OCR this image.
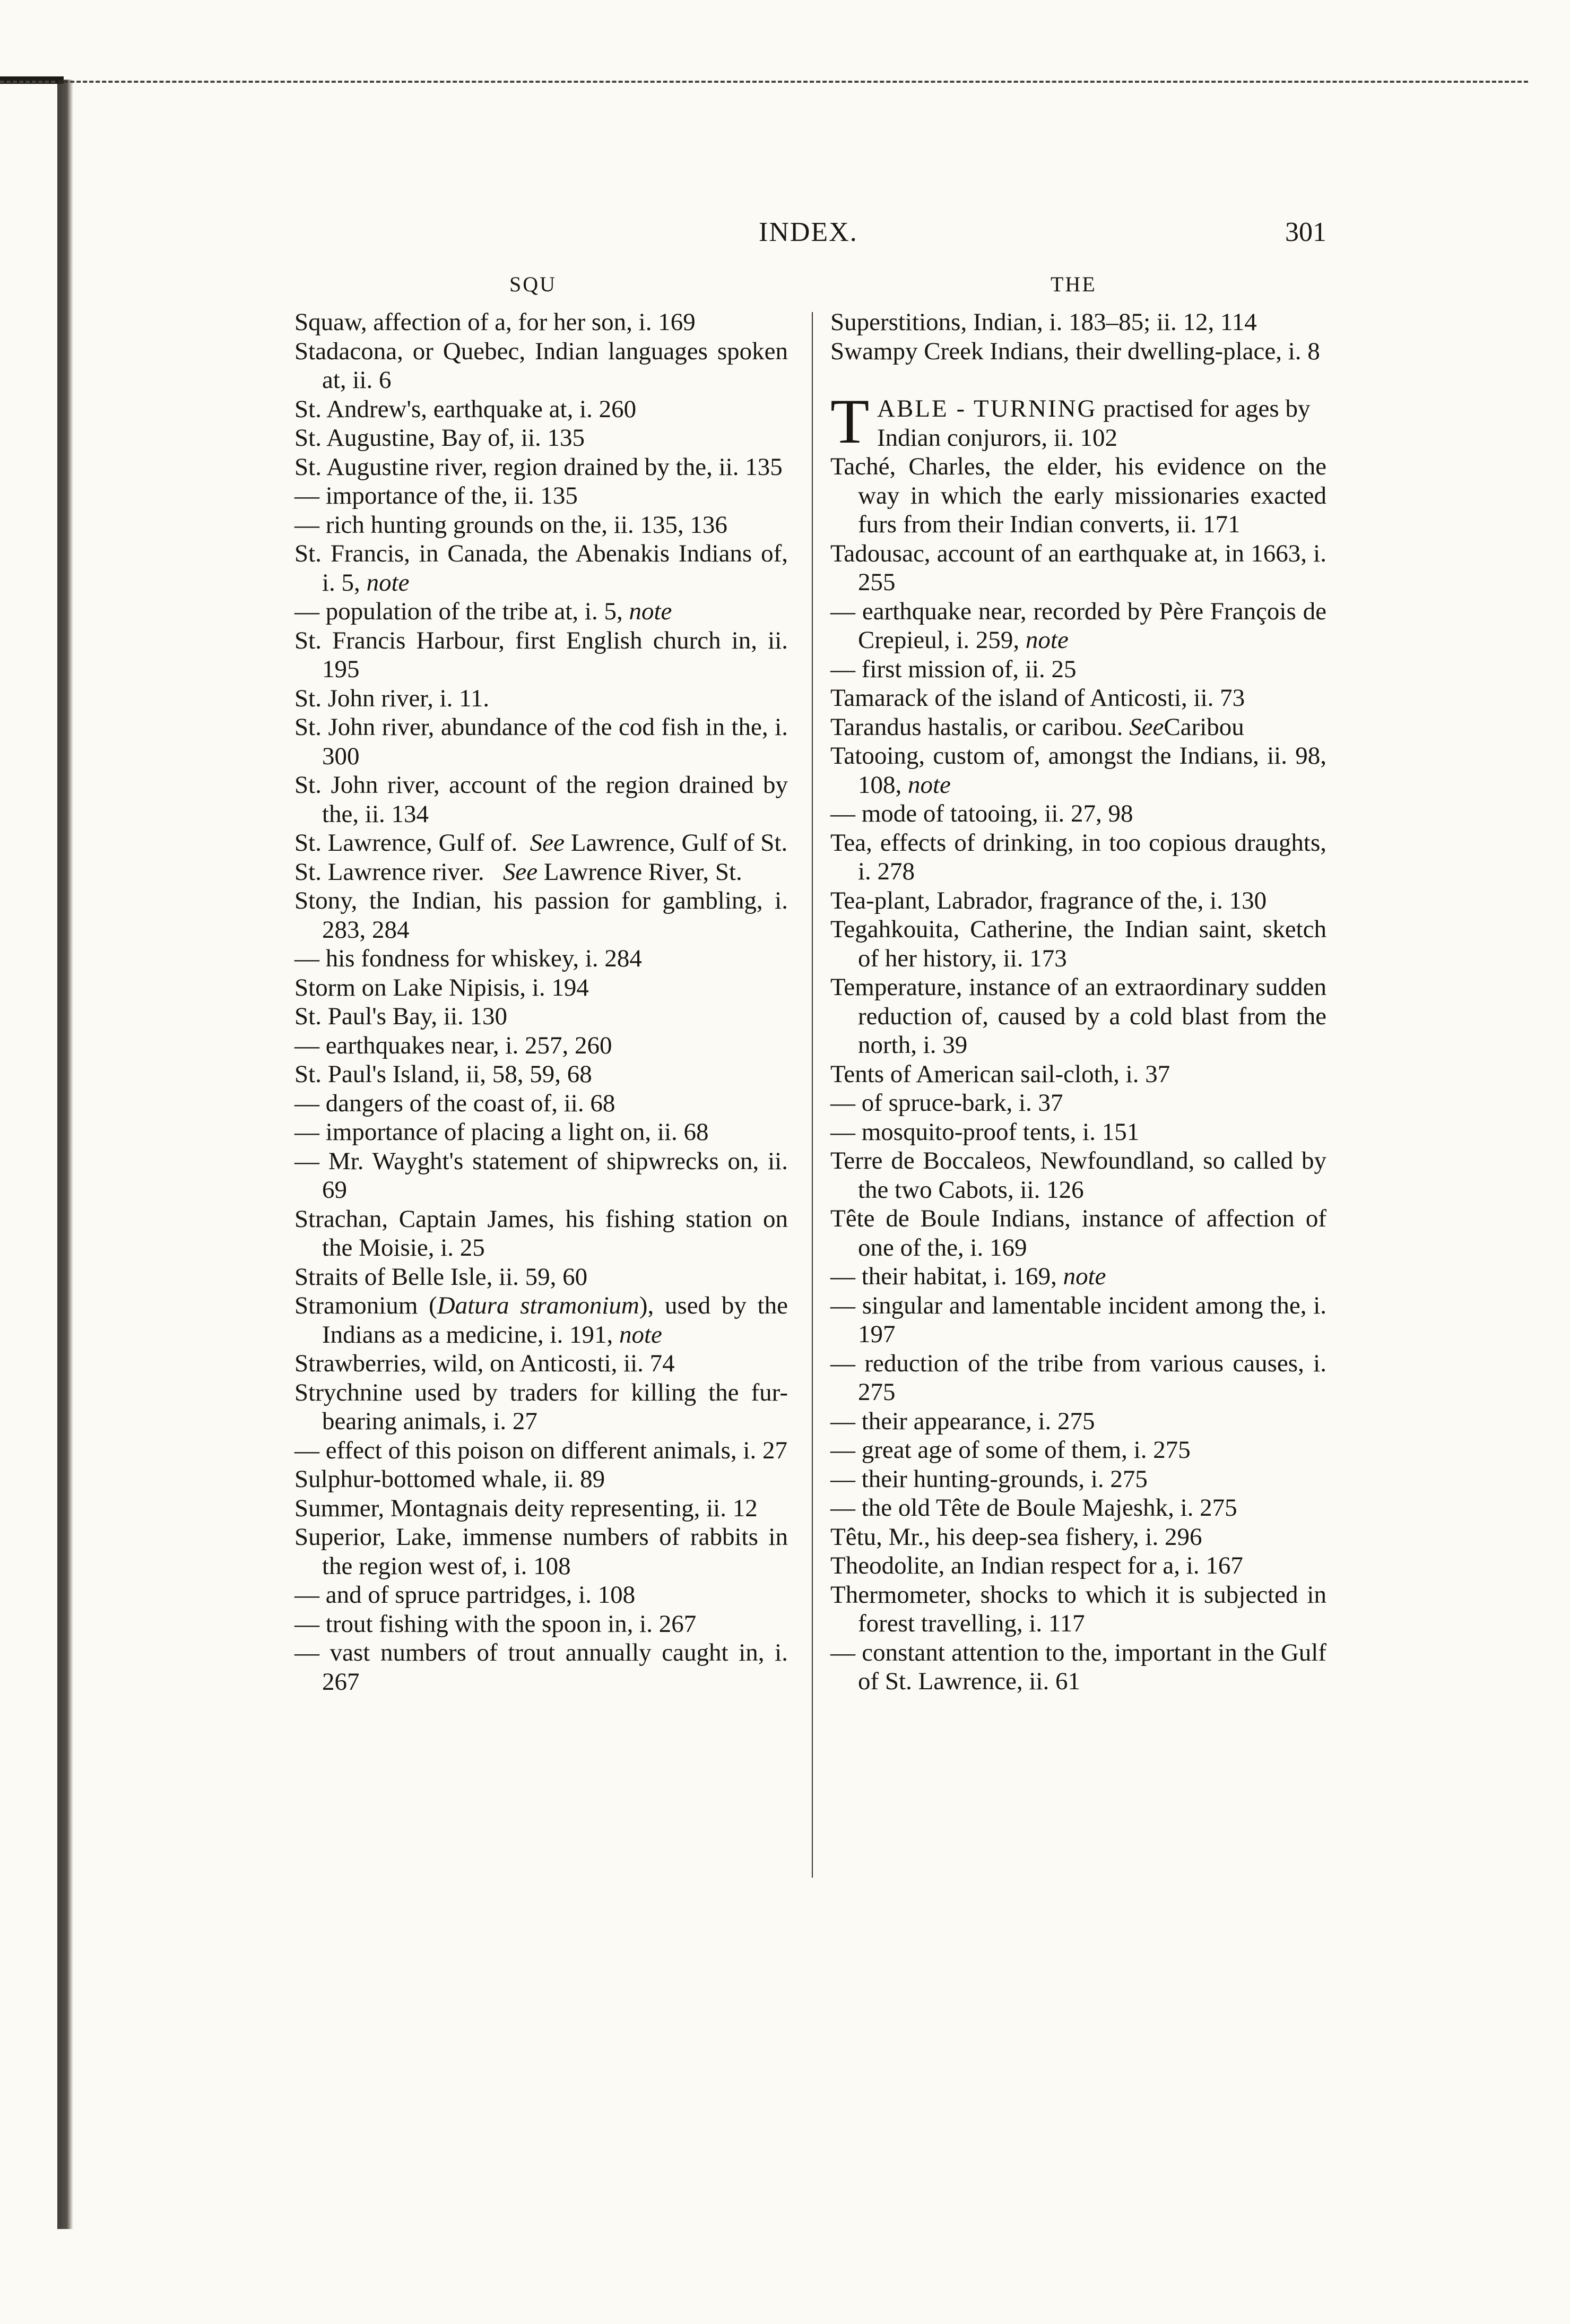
INDEX.	301
SQU	THE
Squaw, affection of a, for her son, i. 169
Stadacona, or Quebec, Indian languages spoken at, ii. 6
St. Andrew's, earthquake at, i. 260
St. Augustine, Bay of, ii. 135
St. Augustine river, region drained by the, ii. 135
— importance of the, ii. 135
— rich hunting grounds on the, ii. 135, 136
St. Francis, in Canada, the Abenakis Indians of, i. 5, note
— population of the tribe at, i. 5, note
St. Francis Harbour, first English church in, ii. 195
St. John river, i. 11.
St. John river, abundance of the cod fish in the, i. 300
St. John river, account of the region drained by the, ii. 134
St. Lawrence, Gulf of. See Lawrence, Gulf of St.
St. Lawrence river. See Lawrence River, St.
Stony, the Indian, his passion for gambling, i. 283, 284
— his fondness for whiskey, i. 284
Storm on Lake Nipisis, i. 194
St. Paul's Bay, ii. 130
— earthquakes near, i. 257, 260
St. Paul's Island, ii, 58, 59, 68
— dangers of the coast of, ii. 68
— importance of placing a light on, ii. 68
— Mr. Wayght's statement of shipwrecks on, ii. 69
Strachan, Captain James, his fishing station on the Moisie, i. 25
Straits of Belle Isle, ii. 59, 60
Stramonium (Datura stramonium), used by the Indians as a medicine, i. 191, note
Strawberries, wild, on Anticosti, ii. 74
Strychnine used by traders for killing the fur-bearing animals, i. 27
— effect of this poison on different animals, i. 27
Sulphur-bottomed whale, ii. 89
Summer, Montagnais deity representing, ii. 12
Superior, Lake, immense numbers of rabbits in the region west of, i. 108
— and of spruce partridges, i. 108
— trout fishing with the spoon in, i. 267
— vast numbers of trout annually caught in, i. 267
Superstitions, Indian, i. 183–85; ii. 12, 114
Swampy Creek Indians, their dwelling-place, i. 8
T ABLE - TURNING practised for ages by Indian conjurors, ii. 102
Taché, Charles, the elder, his evidence on the way in which the early missionaries exacted furs from their Indian converts, ii. 171
Tadousac, account of an earthquake at, in 1663, i. 255
— earthquake near, recorded by Père François de Crepieul, i. 259, note
— first mission of, ii. 25
Tamarack of the island of Anticosti, ii. 73
Tarandus hastalis, or caribou. SeeCaribou
Tatooing, custom of, amongst the Indians, ii. 98, 108, note
— mode of tatooing, ii. 27, 98
Tea, effects of drinking, in too copious draughts, i. 278
Tea-plant, Labrador, fragrance of the, i. 130
Tegahkouita, Catherine, the Indian saint, sketch of her history, ii. 173
Temperature, instance of an extraordinary sudden reduction of, caused by a cold blast from the north, i. 39
Tents of American sail-cloth, i. 37
— of spruce-bark, i. 37
— mosquito-proof tents, i. 151
Terre de Boccaleos, Newfoundland, so called by the two Cabots, ii. 126
Tête de Boule Indians, instance of affection of one of the, i. 169
— their habitat, i. 169, note
— singular and lamentable incident among the, i. 197
— reduction of the tribe from various causes, i. 275
— their appearance, i. 275
— great age of some of them, i. 275
— their hunting-grounds, i. 275
— the old Tête de Boule Majeshk, i. 275
Têtu, Mr., his deep-sea fishery, i. 296
Theodolite, an Indian respect for a, i. 167
Thermometer, shocks to which it is subjected in forest travelling, i. 117
— constant attention to the, important in the Gulf of St. Lawrence, ii. 61
